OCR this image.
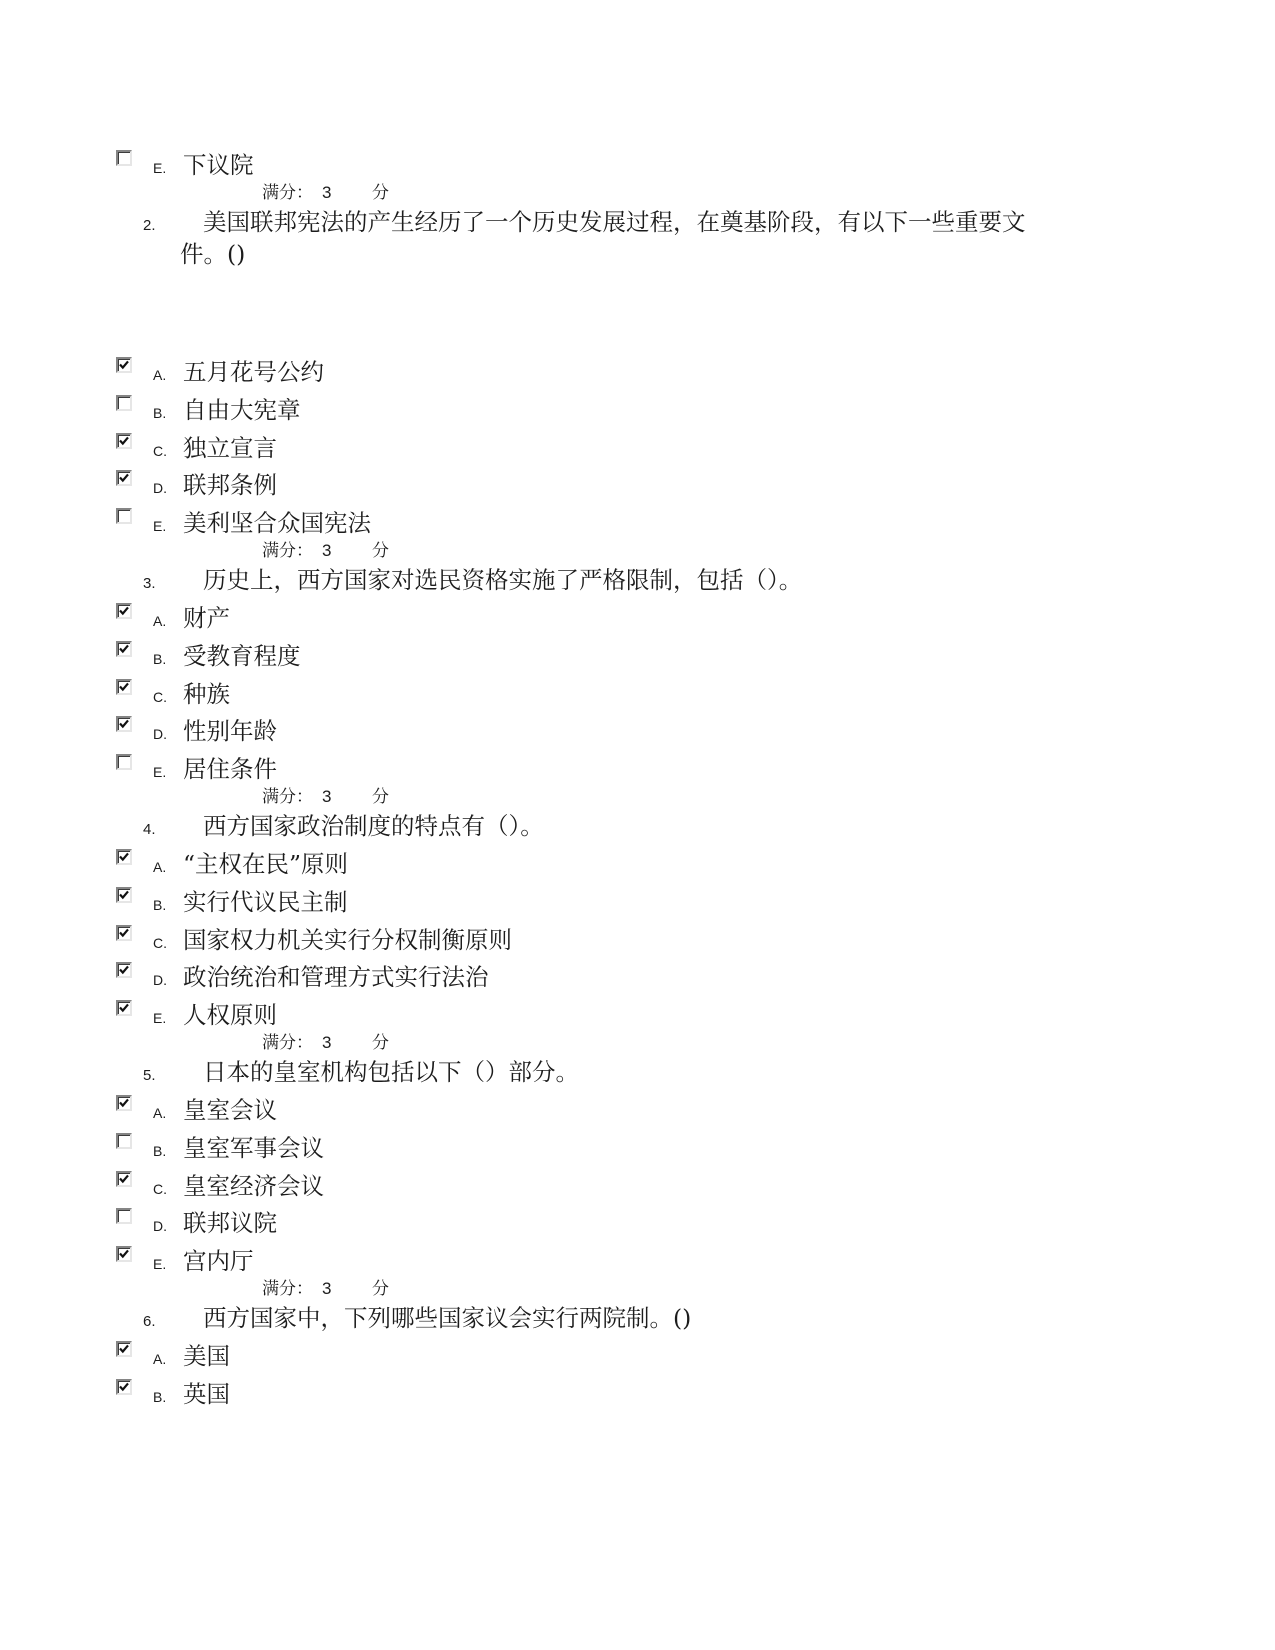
E. 下议院
满分： 3 分
2. 美国联邦宪法的产生经历了一个历史发展过程，在奠基阶段，有以下一些重要文
件。()
A. 五月花号公约
B. 自由大宪章
C. 独立宣言
D. 联邦条例
E. 美利坚合众国宪法
满分： 3 分
3. 历史上，西方国家对选民资格实施了严格限制，包括（）。
A. 财产
B. 受教育程度
C. 种族
D. 性别年龄
E. 居住条件
满分： 3 分
4. 西方国家政治制度的特点有（）。
A. “主权在民”原则
B. 实行代议民主制
C. 国家权力机关实行分权制衡原则
D. 政治统治和管理方式实行法治
E. 人权原则
满分： 3 分
5. 日本的皇室机构包括以下（）部分。
A. 皇室会议
B. 皇室军事会议
C. 皇室经济会议
D. 联邦议院
E. 宫内厅
满分： 3 分
6. 西方国家中，下列哪些国家议会实行两院制。()
A. 美国
B. 英国
